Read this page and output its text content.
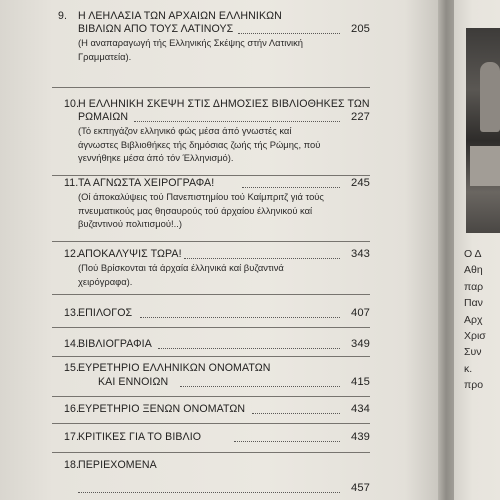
Ο Δ
Αθη
παρ
Παν
Αρχ
Χρισ
Συν
κ.
προ
9. Η ΛΕΗΛΑΣΙΑ ΤΩΝ ΑΡΧΑΙΩΝ ΕΛΛΗΝΙΚΩΝ
ΒΙΒΛΙΩΝ ΑΠΟ ΤΟΥΣ ΛΑΤΙΝΟΥΣ	205
(Η αναπαραγωγή τής Ελληνικής Σκέψης στήν Λατινική
Γραμματεία).
10.Η ΕΛΛΗΝΙΚΗ ΣΚΕΨΗ ΣΤΙΣ ΔΗΜΟΣΙΕΣ ΒΙΒΛΙΟΘΗΚΕΣ ΤΩΝ
ΡΩΜΑΙΩΝ	227
(Τό εκπηγάζον ελληνικό φώς μέσα άπό γνωστές καί
άγνωστες Βιβλιοθήκες τής δημόσιας ζωής τής Ρώμης, πού
γεννήθηκε μέσα άπό τόν Έλληνισμό).
11.ΤΑ ΑΓΝΩΣΤΑ ΧΕΙΡΟΓΡΑΦΑ!	245
(Οί άποκαλύψεις τού Πανεπιστημίου τού Καίμπριτζ γιά τούς
πνευματικούς μας θησαυρούς τού άρχαίου έλληνικού καί
βυζαντινού πολιτισμού!..)
12.ΑΠΟΚΑΛΥΨΙΣ ΤΩΡΑ!	343
(Πού Βρίσκονται τά άρχαία έλληνικά καί βυζαντινά
χειρόγραφα).
13.ΕΠΙΛΟΓΟΣ	407
14.ΒΙΒΛΙΟΓΡΑΦΙΑ	349
15.ΕΥΡΕΤΗΡΙΟ ΕΛΛΗΝΙΚΩΝ ΟΝΟΜΑΤΩΝ
ΚΑΙ ΕΝΝΟΙΩΝ	415
16.ΕΥΡΕΤΗΡΙΟ ΞΕΝΩΝ ΟΝΟΜΑΤΩΝ	434
17.ΚΡΙΤΙΚΕΣ ΓΙΑ ΤΟ ΒΙΒΛΙΟ	439
18.ΠΕΡΙΕΧΟΜΕΝΑ
457
